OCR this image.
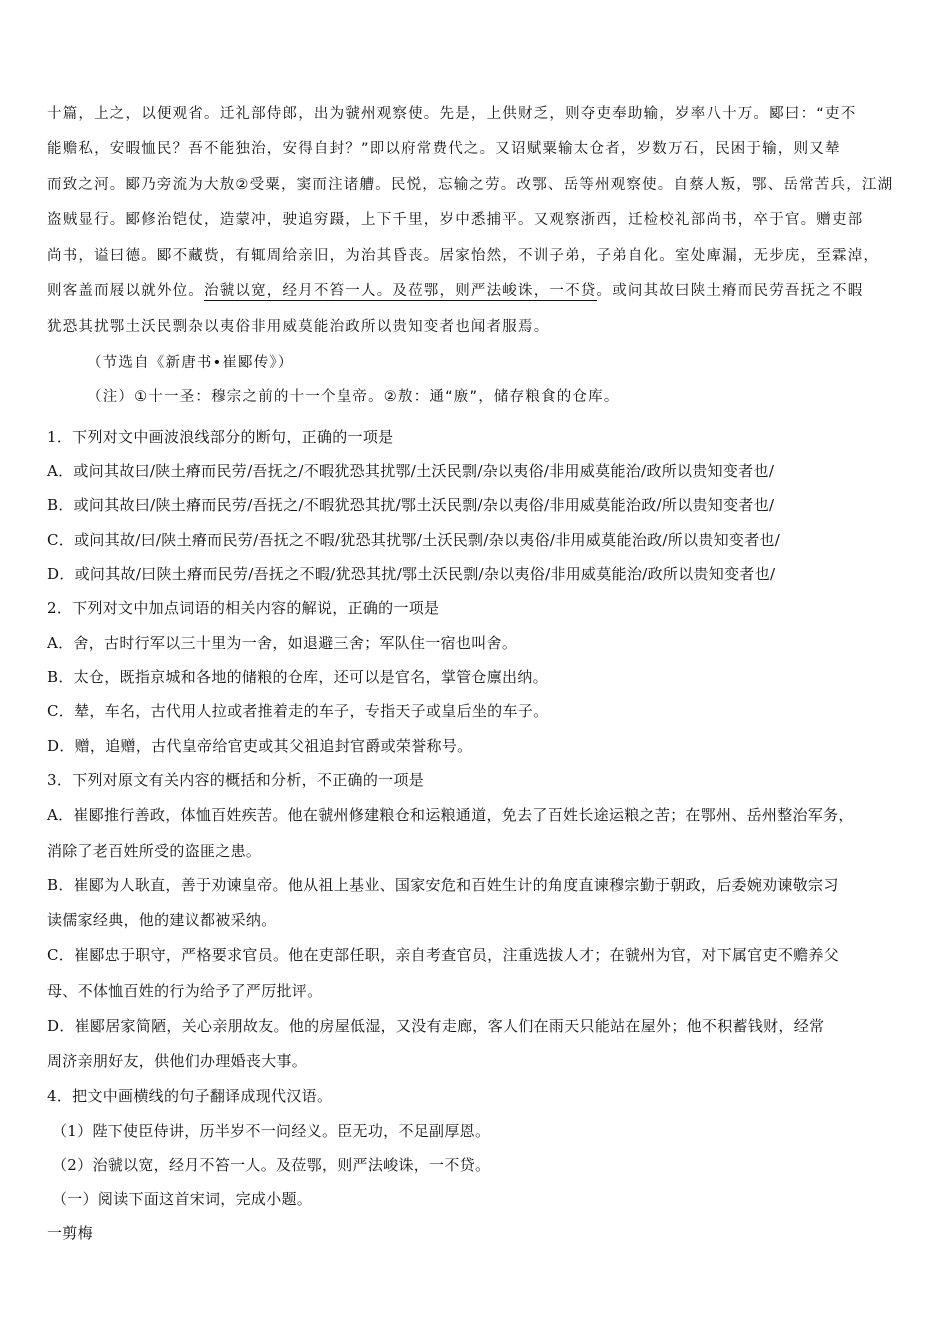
十篇，上之，以便观省。迁礼部侍郎，出为虢州观察使。先是，上供财乏，则夺吏奉助输，岁率八十万。郾曰：“吏不
能赡私，安暇恤民？吾不能独治，安得自封？”即以府常费代之。又诏赋粟输太仓者，岁数万石，民困于输，则又辇
而致之河。郾乃旁流为大敖②受粟，窦而注诸艚。民悦，忘输之劳。改鄂、岳等州观察使。自蔡人叛，鄂、岳常苦兵，江湖
盗贼显行。郾修治铠仗，造蒙冲，驶追穷蹑，上下千里，岁中悉捕平。又观察浙西，迁检校礼部尚书，卒于官。赠吏部
尚书，谥曰德。郾不藏赀，有辄周给亲旧，为治其昏丧。居家怡然，不训子弟，子弟自化。室处庳漏，无步庑，至霖淖，
则客盖而屐以就外位。治虢以宽，经月不笞一人。及莅鄂，则严法峻诛，一不贷。或问其故曰陕土瘠而民劳吾抚之不暇
犹恐其扰鄂土沃民剽杂以夷俗非用威莫能治政所以贵知变者也闻者服焉。
（节选自《新唐书•崔郾传》）
（注）①十一圣：穆宗之前的十一个皇帝。②敖：通“廒”，储存粮食的仓库。
1．下列对文中画波浪线部分的断句，正确的一项是
A．或问其故曰/陕土瘠而民劳/吾抚之/不暇犹恐其扰鄂/土沃民剽/杂以夷俗/非用威莫能治/政所以贵知变者也/
B．或问其故曰/陕土瘠而民劳/吾抚之/不暇犹恐其扰/鄂土沃民剽/杂以夷俗/非用威莫能治政/所以贵知变者也/
C．或问其故/曰/陕土瘠而民劳/吾抚之不暇/犹恐其扰鄂/土沃民剽/杂以夷俗/非用威莫能治政/所以贵知变者也/
D．或问其故/曰陕土瘠而民劳/吾抚之不暇/犹恐其扰/鄂土沃民剽/杂以夷俗/非用威莫能治/政所以贵知变者也/
2．下列对文中加点词语的相关内容的解说，正确的一项是
A．舍，古时行军以三十里为一舍，如退避三舍；军队住一宿也叫舍。
B．太仓，既指京城和各地的储粮的仓库，还可以是官名，掌管仓廪出纳。
C．辇，车名，古代用人拉或者推着走的车子，专指天子或皇后坐的车子。
D．赠，追赠，古代皇帝给官吏或其父祖追封官爵或荣誉称号。
3．下列对原文有关内容的概括和分析，不正确的一项是
A．崔郾推行善政，体恤百姓疾苦。他在虢州修建粮仓和运粮通道，免去了百姓长途运粮之苦；在鄂州、岳州整治军务，
消除了老百姓所受的盗匪之患。
B．崔郾为人耿直，善于劝谏皇帝。他从祖上基业、国家安危和百姓生计的角度直谏穆宗勤于朝政，后委婉劝谏敬宗习
读儒家经典，他的建议都被采纳。
C．崔郾忠于职守，严格要求官员。他在吏部任职，亲自考查官员，注重选拔人才；在虢州为官，对下属官吏不赡养父
母、不体恤百姓的行为给予了严厉批评。
D．崔郾居家简陋，关心亲朋故友。他的房屋低湿，又没有走廊，客人们在雨天只能站在屋外；他不积蓄钱财，经常
周济亲朋好友，供他们办理婚丧大事。
4．把文中画横线的句子翻译成现代汉语。
（1）陛下使臣侍讲，历半岁不一问经义。臣无功，不足副厚恩。
（2）治虢以宽，经月不笞一人。及莅鄂，则严法峻诛，一不贷。
（一）阅读下面这首宋词，完成小题。
一剪梅
